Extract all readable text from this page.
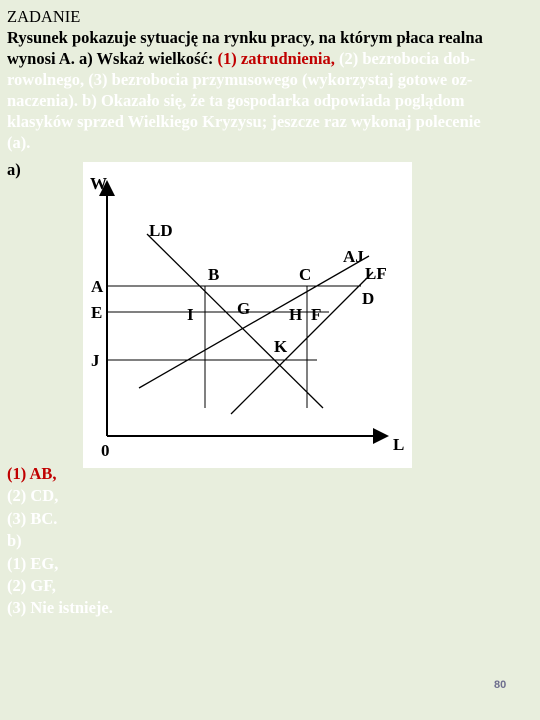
ZADANIE
Rysunek pokazuje sytuację na rynku pracy, na którym płaca realna
wynosi A. a) Wskaż wielkość: (1) zatrudnienia, (2) bezrobocia dob-
rowolnego, (3) bezrobocia przymusowego (wykorzystaj gotowe oz-
naczenia). b) Okazało się, że ta gospodarka odpowiada poglądom
klasyków sprzed Wielkiego Kryzysu; jeszcze raz wykonaj polecenie
(a).
a)
W
L
0
LD
AJ
LF
D
A
E
J
B	C
G
I	H F
K
(1) AB,
(2) CD,
(3) BC.
b)
(1) EG,
(2) GF,
(3) Nie istnieje.
80
